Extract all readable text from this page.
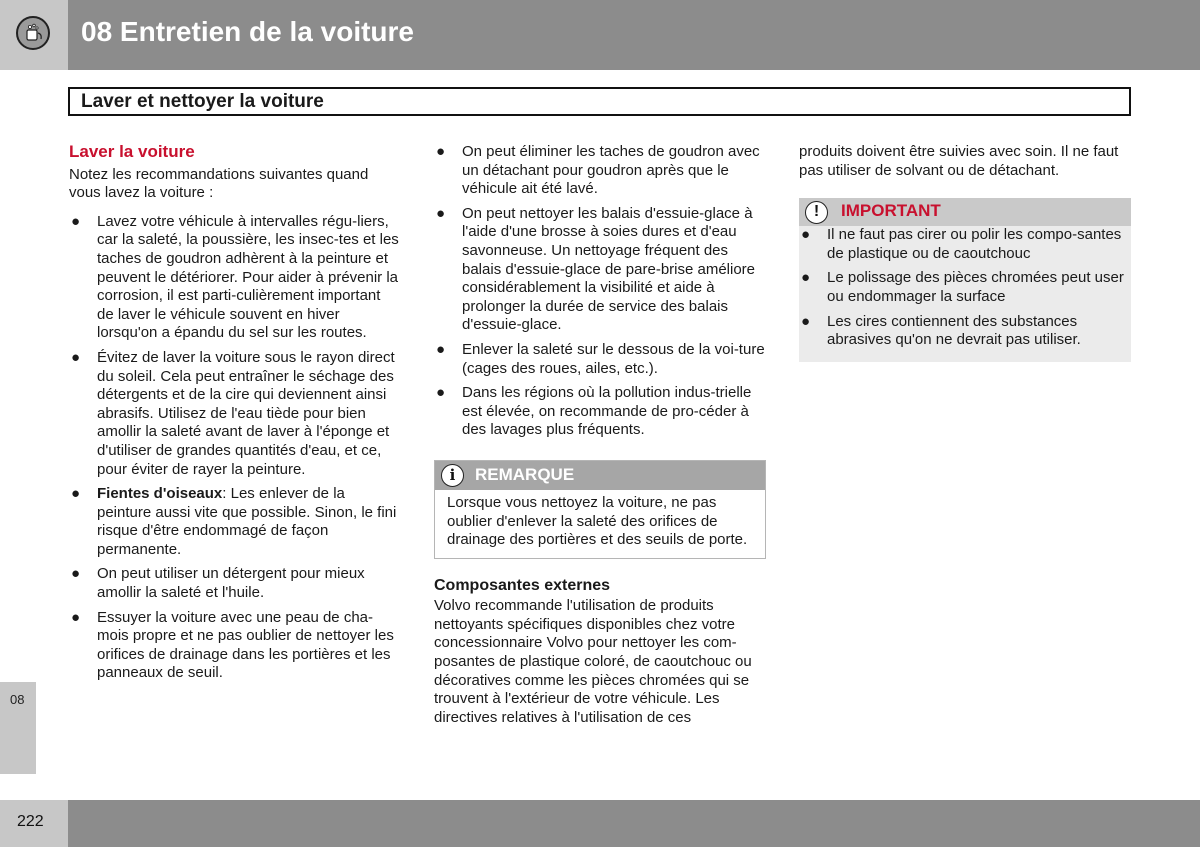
08 Entretien de la voiture
Laver et nettoyer la voiture
Laver la voiture

Notez les recommandations suivantes quand vous lavez la voiture :

● Lavez votre véhicule à intervalles régu-liers, car la saleté, la poussière, les insec-tes et les taches de goudron adhèrent à la peinture et peuvent le détériorer. Pour aider à prévenir la corrosion, il est parti-culièrement important de laver le véhicule souvent en hiver lorsqu'on a épandu du sel sur les routes.
● Évitez de laver la voiture sous le rayon direct du soleil. Cela peut entraîner le séchage des détergents et de la cire qui deviennent ainsi abrasifs. Utilisez de l'eau tiède pour bien amollir la saleté avant de laver à l'éponge et d'utiliser de grandes quantités d'eau, et ce, pour éviter de rayer la peinture.
● Fientes d'oiseaux: Les enlever de la peinture aussi vite que possible. Sinon, le fini risque d'être endommagé de façon permanente.
● On peut utiliser un détergent pour mieux amollir la saleté et l'huile.
● Essuyer la voiture avec une peau de cha-mois propre et ne pas oublier de nettoyer les orifices de drainage dans les portières et les panneaux de seuil.
● On peut éliminer les taches de goudron avec un détachant pour goudron après que le véhicule ait été lavé.
● On peut nettoyer les balais d'essuie-glace à l'aide d'une brosse à soies dures et d'eau savonneuse. Un nettoyage fréquent des balais d'essuie-glace de pare-brise améliore considérablement la visibilité et aide à prolonger la durée de service des balais d'essuie-glace.
● Enlever la saleté sur le dessous de la voi-ture (cages des roues, ailes, etc.).
● Dans les régions où la pollution indus-trielle est élevée, on recommande de pro-céder à des lavages plus fréquents.
i	REMARQUE

Lorsque vous nettoyez la voiture, ne pas oublier d'enlever la saleté des orifices de drainage des portières et des seuils de porte.

Composantes externes

Volvo recommande l'utilisation de produits nettoyants spécifiques disponibles chez votre concessionnaire Volvo pour nettoyer les com-posantes de plastique coloré, de caoutchouc ou décoratives comme les pièces chromées qui se trouvent à l'extérieur de votre véhicule. Les directives relatives à l'utilisation de ces

produits doivent être suivies avec soin. Il ne faut pas utiliser de solvant ou de détachant.

!	IMPORTANT
● Il ne faut pas cirer ou polir les compo-santes de plastique ou de caoutchouc
● Le polissage des pièces chromées peut user ou endommager la surface
● Les cires contiennent des substances abrasives qu'on ne devrait pas utiliser.
08
222
